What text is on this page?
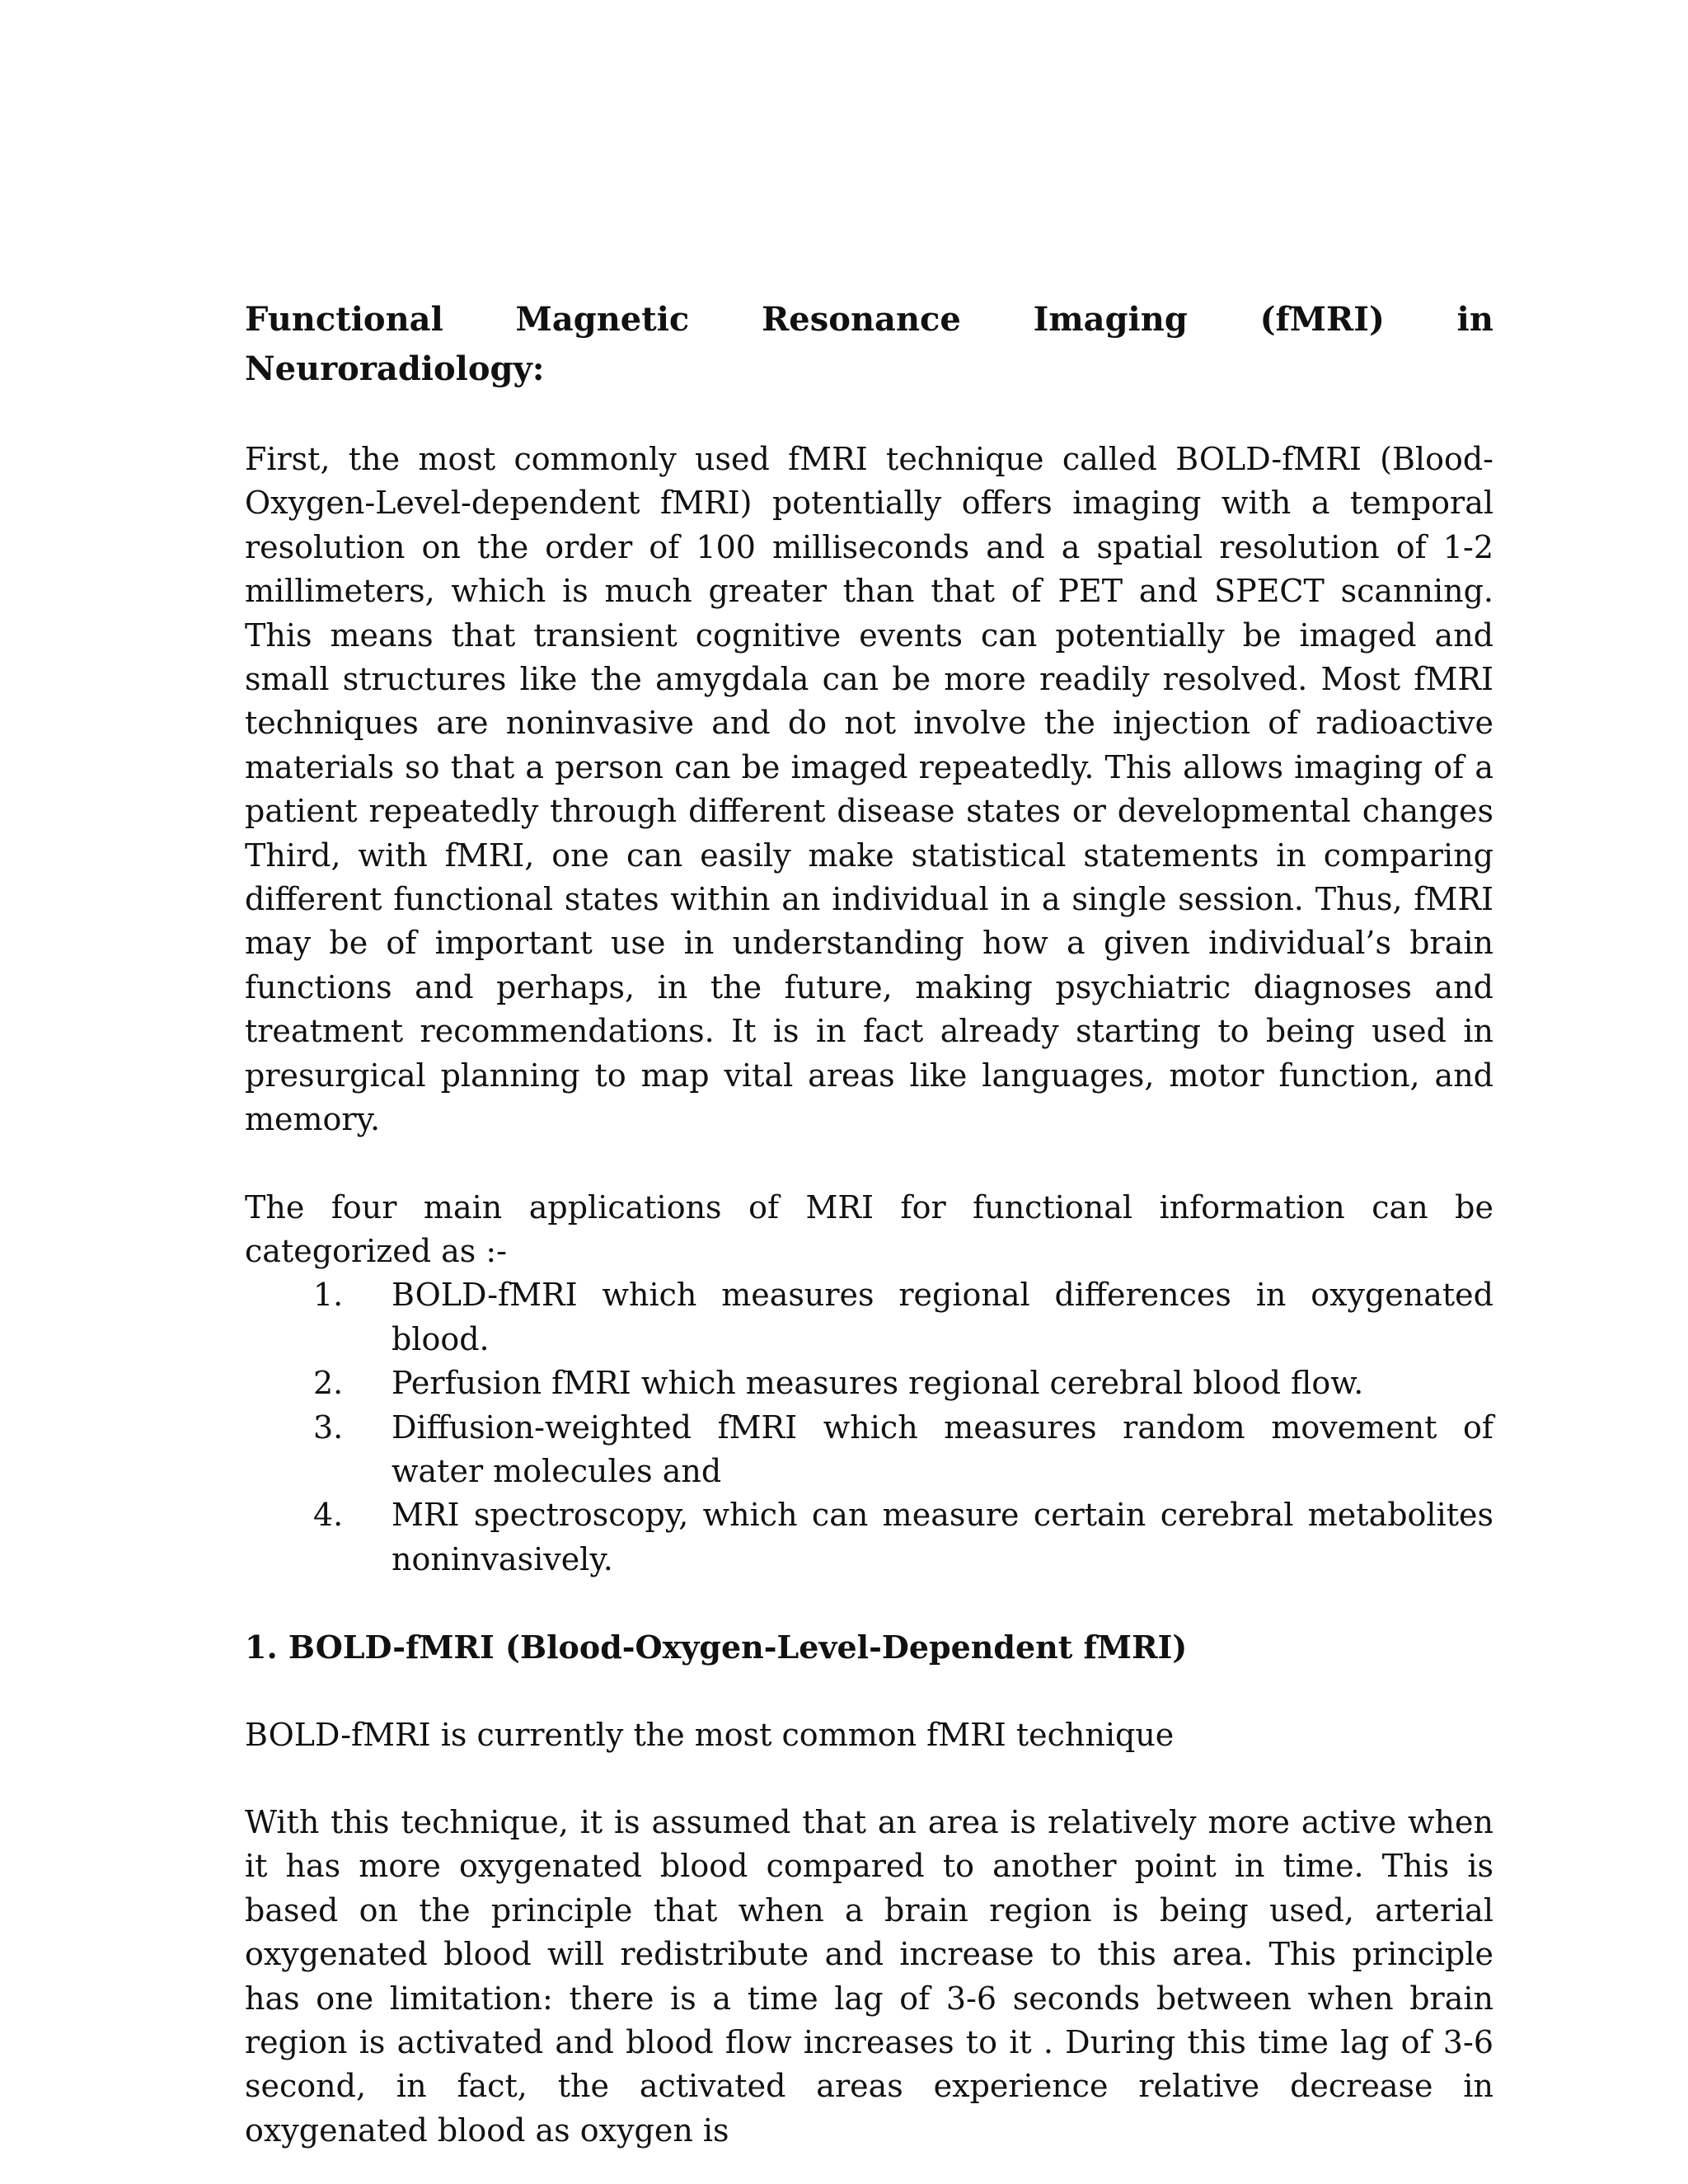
Functional Magnetic Resonance Imaging (fMRI) in
Neuroradiology:

First, the most commonly used fMRI technique called BOLD-fMRI (Blood-Oxygen-Level-dependent fMRI) potentially offers imaging with a temporal resolution on the order of 100 milliseconds and a spatial resolution of 1-2 millimeters, which is much greater than that of PET and SPECT scanning. This means that transient cognitive events can potentially be imaged and small structures like the amygdala can be more readily resolved. Most fMRI techniques are noninvasive and do not involve the injection of radioactive materials so that a person can be imaged repeatedly. This allows imaging of a patient repeatedly through different disease states or developmental changes Third, with fMRI, one can easily make statistical statements in comparing different functional states within an individual in a single session. Thus, fMRI may be of important use in understanding how a given individual’s brain functions and perhaps, in the future, making psychiatric diagnoses and treatment recommendations. It is in fact already starting to being used in presurgical planning to map vital areas like languages, motor function, and memory.

The four main applications of MRI for functional information can be categorized as :-

1.	BOLD-fMRI which measures regional differences in oxygenated blood.
2.	Perfusion fMRI which measures regional cerebral blood flow.
3.	Diffusion-weighted fMRI which measures random movement of water molecules and
4.	MRI spectroscopy, which can measure certain cerebral metabolites noninvasively.

1. BOLD-fMRI (Blood-Oxygen-Level-Dependent fMRI)

BOLD-fMRI is currently the most common fMRI technique

With this technique, it is assumed that an area is relatively more active when it has more oxygenated blood compared to another point in time. This is based on the principle that when a brain region is being used, arterial oxygenated blood will redistribute and increase to this area. This principle has one limitation: there is a time lag of 3-6 seconds between when brain region is activated and blood flow increases to it . During this time lag of 3-6 second, in fact, the activated areas experience relative decrease in oxygenated blood as oxygen is
